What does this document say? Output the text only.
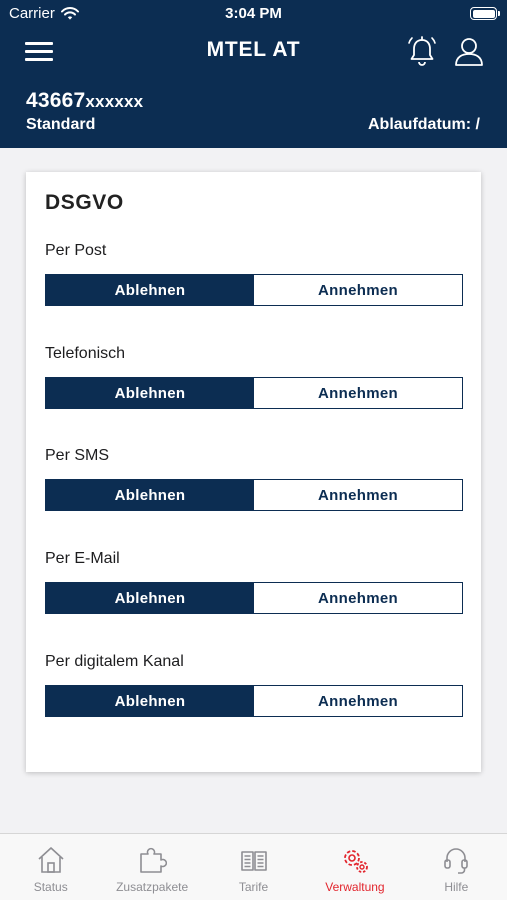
Carrier	3:04 PM
MTEL AT
43667xxxxxx
Standard	Ablaufdatum: /
DSGVO
Per Post
Ablehnen	Annehmen
Telefonisch
Ablehnen	Annehmen
Per SMS
Ablehnen	Annehmen
Per E-Mail
Ablehnen	Annehmen
Per digitalem Kanal
Ablehnen	Annehmen
Status	Zusatzpakete	Tarife	Verwaltung	Hilfe
